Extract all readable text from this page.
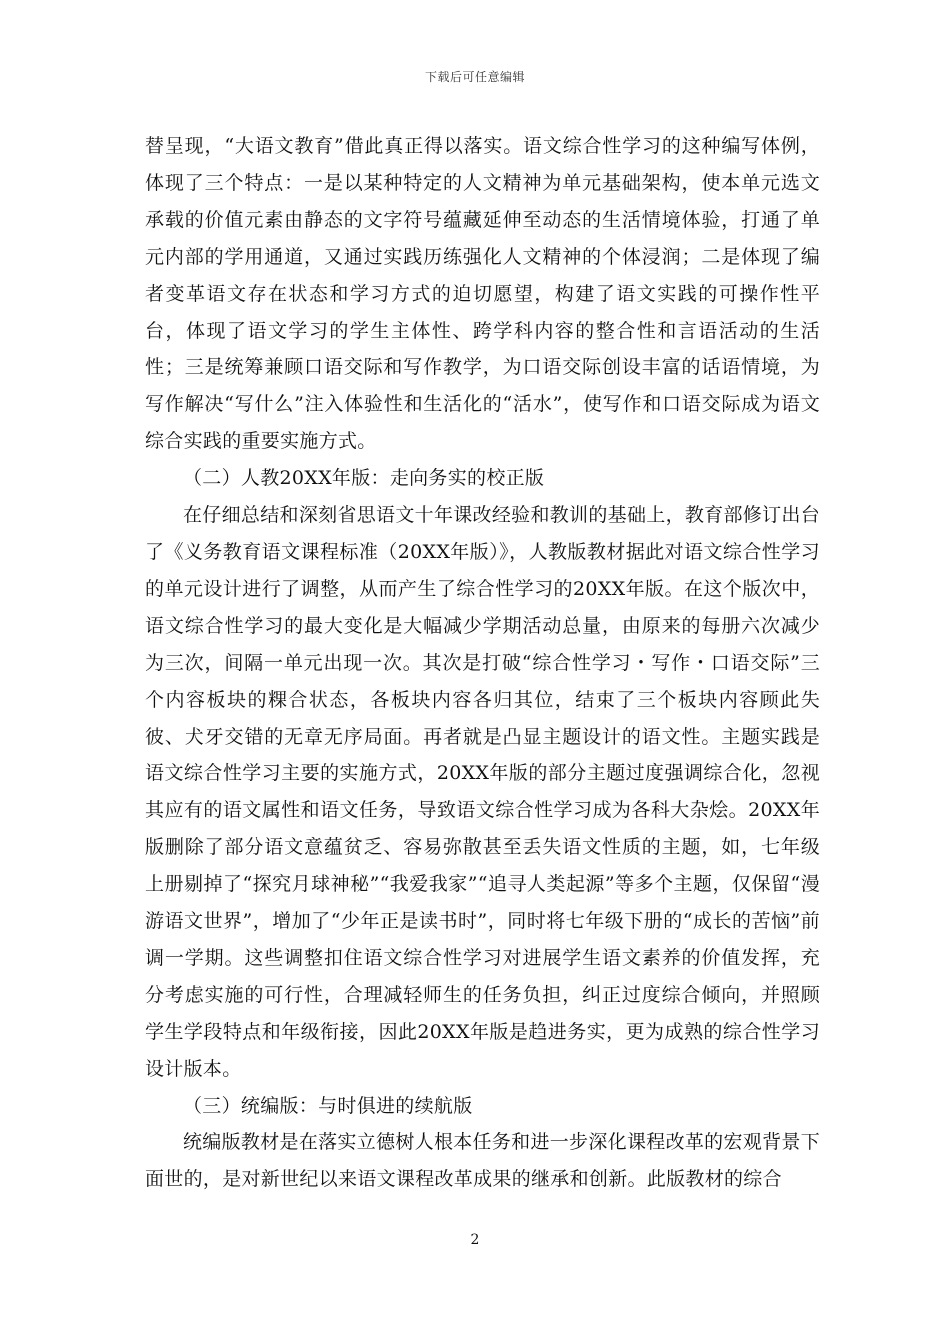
下载后可任意编辑

替呈现，“大语文教育”借此真正得以落实。语文综合性学习的这种编写体例，体现了三个特点：一是以某种特定的人文精神为单元基础架构，使本单元选文承载的价值元素由静态的文字符号蕴藏延伸至动态的生活情境体验，打通了单元内部的学用通道，又通过实践历练强化人文精神的个体浸润；二是体现了编者变革语文存在状态和学习方式的迫切愿望，构建了语文实践的可操作性平台，体现了语文学习的学生主体性、跨学科内容的整合性和言语活动的生活性；三是统筹兼顾口语交际和写作教学，为口语交际创设丰富的话语情境，为写作解决“写什么”注入体验性和生活化的“活水”，使写作和口语交际成为语文综合实践的重要实施方式。

（二）人教20XX年版：走向务实的校正版

在仔细总结和深刻省思语文十年课改经验和教训的基础上，教育部修订出台了《义务教育语文课程标准（20XX年版）》，人教版教材据此对语文综合性学习的单元设计进行了调整，从而产生了综合性学习的20XX年版。在这个版次中，语文综合性学习的最大变化是大幅减少学期活动总量，由原来的每册六次减少为三次，间隔一单元出现一次。其次是打破“综合性学习・写作・口语交际”三个内容板块的粿合状态，各板块内容各归其位，结束了三个板块内容顾此失彼、犬牙交错的无章无序局面。再者就是凸显主题设计的语文性。主题实践是语文综合性学习主要的实施方式，20XX年版的部分主题过度强调综合化，忽视其应有的语文属性和语文任务，导致语文综合性学习成为各科大杂烩。20XX年版删除了部分语文意蕴贫乏、容易弥散甚至丢失语文性质的主题，如，七年级上册剔掉了“探究月球神秘”“我爱我家”“追寻人类起源”等多个主题，仅保留“漫游语文世界”，增加了“少年正是读书时”，同时将七年级下册的“成长的苦恼”前调一学期。这些调整扣住语文综合性学习对进展学生语文素养的价值发挥，充分考虑实施的可行性，合理减轻师生的任务负担，纠正过度综合倾向，并照顾学生学段特点和年级衔接，因此20XX年版是趋进务实，更为成熟的综合性学习设计版本。

（三）统编版：与时俱进的续航版

统编版教材是在落实立德树人根本任务和进一步深化课程改革的宏观背景下面世的，是对新世纪以来语文课程改革成果的继承和创新。此版教材的综合

2
